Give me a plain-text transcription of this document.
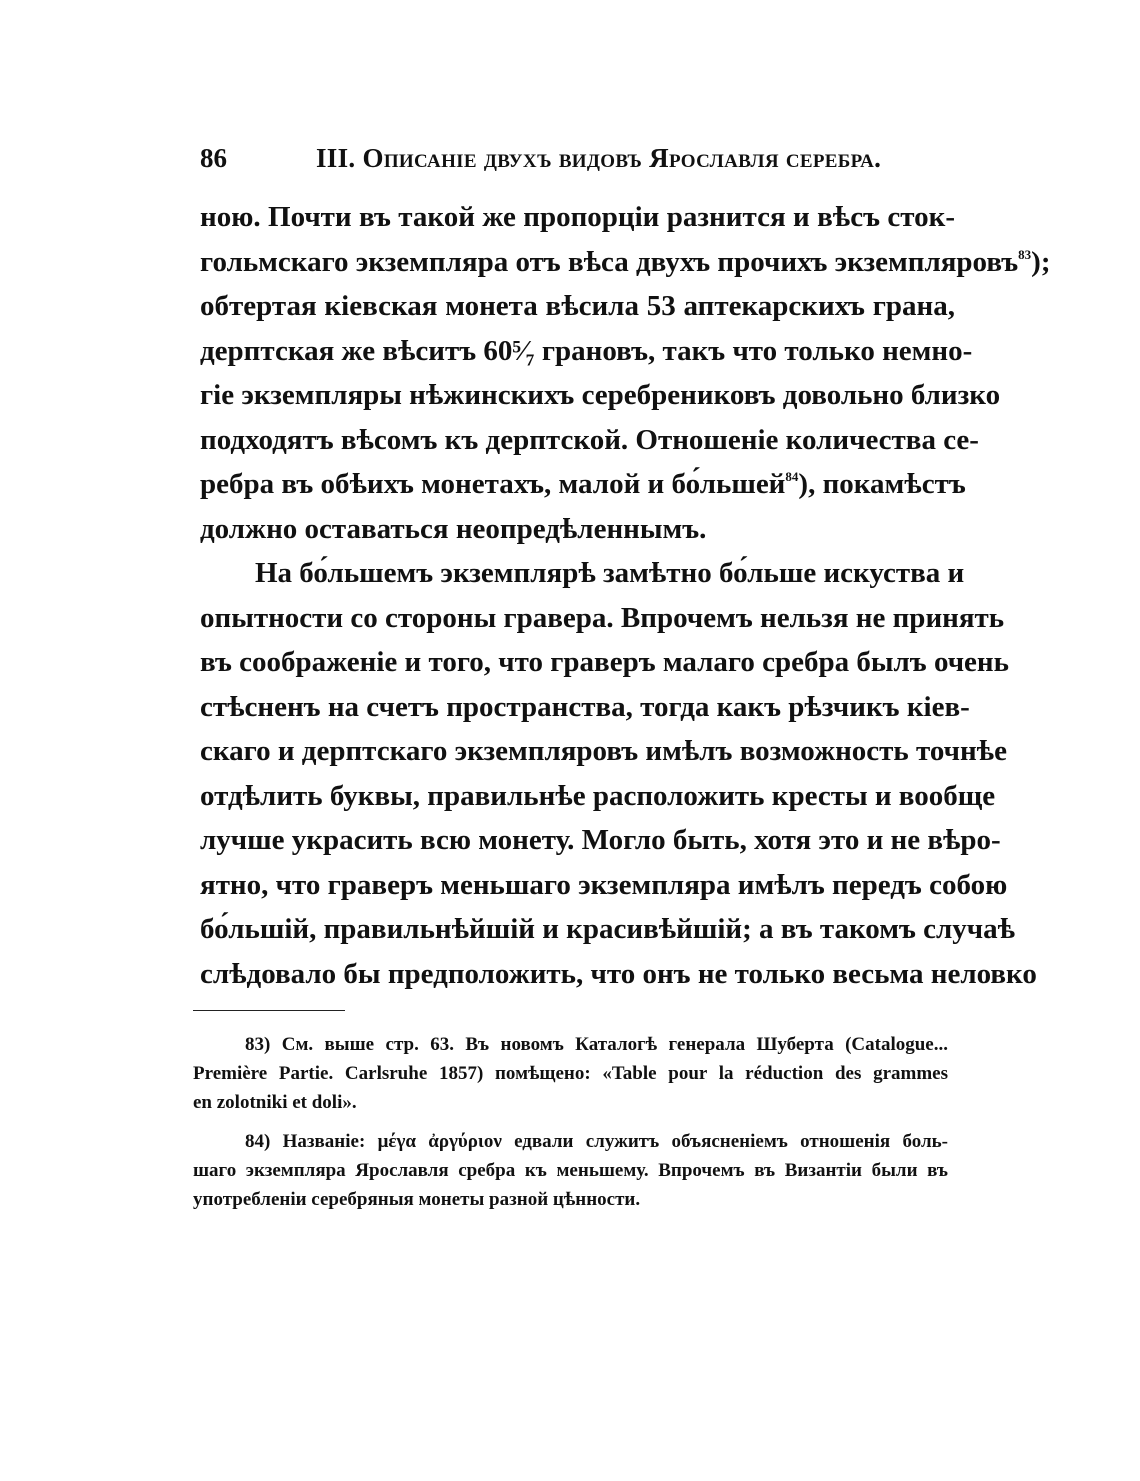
86	III. Описаніе двухъ видовъ Ярославля серебра.
ною. Почти въ такой же пропорціи разнится и вѣсъ сток-
гольмскаго экземпляра отъ вѣса двухъ прочихъ экземпляровъ$^{83}$);
обтертая кіевская монета вѣсила 53 аптекарскихъ грана,
дерптская же вѣситъ 60⁵⁄₇ грановъ, такъ что только немно-
гіе экземпляры нѣжинскихъ серебрениковъ довольно близко
подходятъ вѣсомъ къ дерптской. Отношеніе количества се-
ребра въ обѣихъ монетахъ, малой и бо́льшей$^{84}$), покамѣстъ
должно оставаться неопредѣленнымъ.
На бо́льшемъ экземплярѣ замѣтно бо́льше искуства и
опытности со стороны гравера. Впрочемъ нельзя не принять
въ соображеніе и того, что граверъ малаго сребра былъ очень
стѣсненъ на счетъ пространства, тогда какъ рѣзчикъ кіев-
скаго и дерптскаго экземпляровъ имѣлъ возможность точнѣе
отдѣлить буквы, правильнѣе расположить кресты и вообще
лучше украсить всю монету. Могло быть, хотя это и не вѣро-
ятно, что граверъ меньшаго экземпляра имѣлъ передъ собою
бо́льшій, правильнѣйшій и красивѣйшій; а въ такомъ случаѣ
слѣдовало бы предположить, что онъ не только весьма неловко
83) См. выше стр. 63. Въ новомъ Каталогѣ генерала Шуберта (Catalogue...
Première Partie. Carlsruhe 1857) помѣщено: «Table pour la réduction des grammes
en zolotniki et doli».
84) Названіе: μέγα ἀργύριον едвали служитъ объясненіемъ отношенія боль-
шаго экземпляра Ярославля сребра къ меньшему. Впрочемъ въ Византіи были въ
употребленіи серебряныя монеты разной цѣнности.
